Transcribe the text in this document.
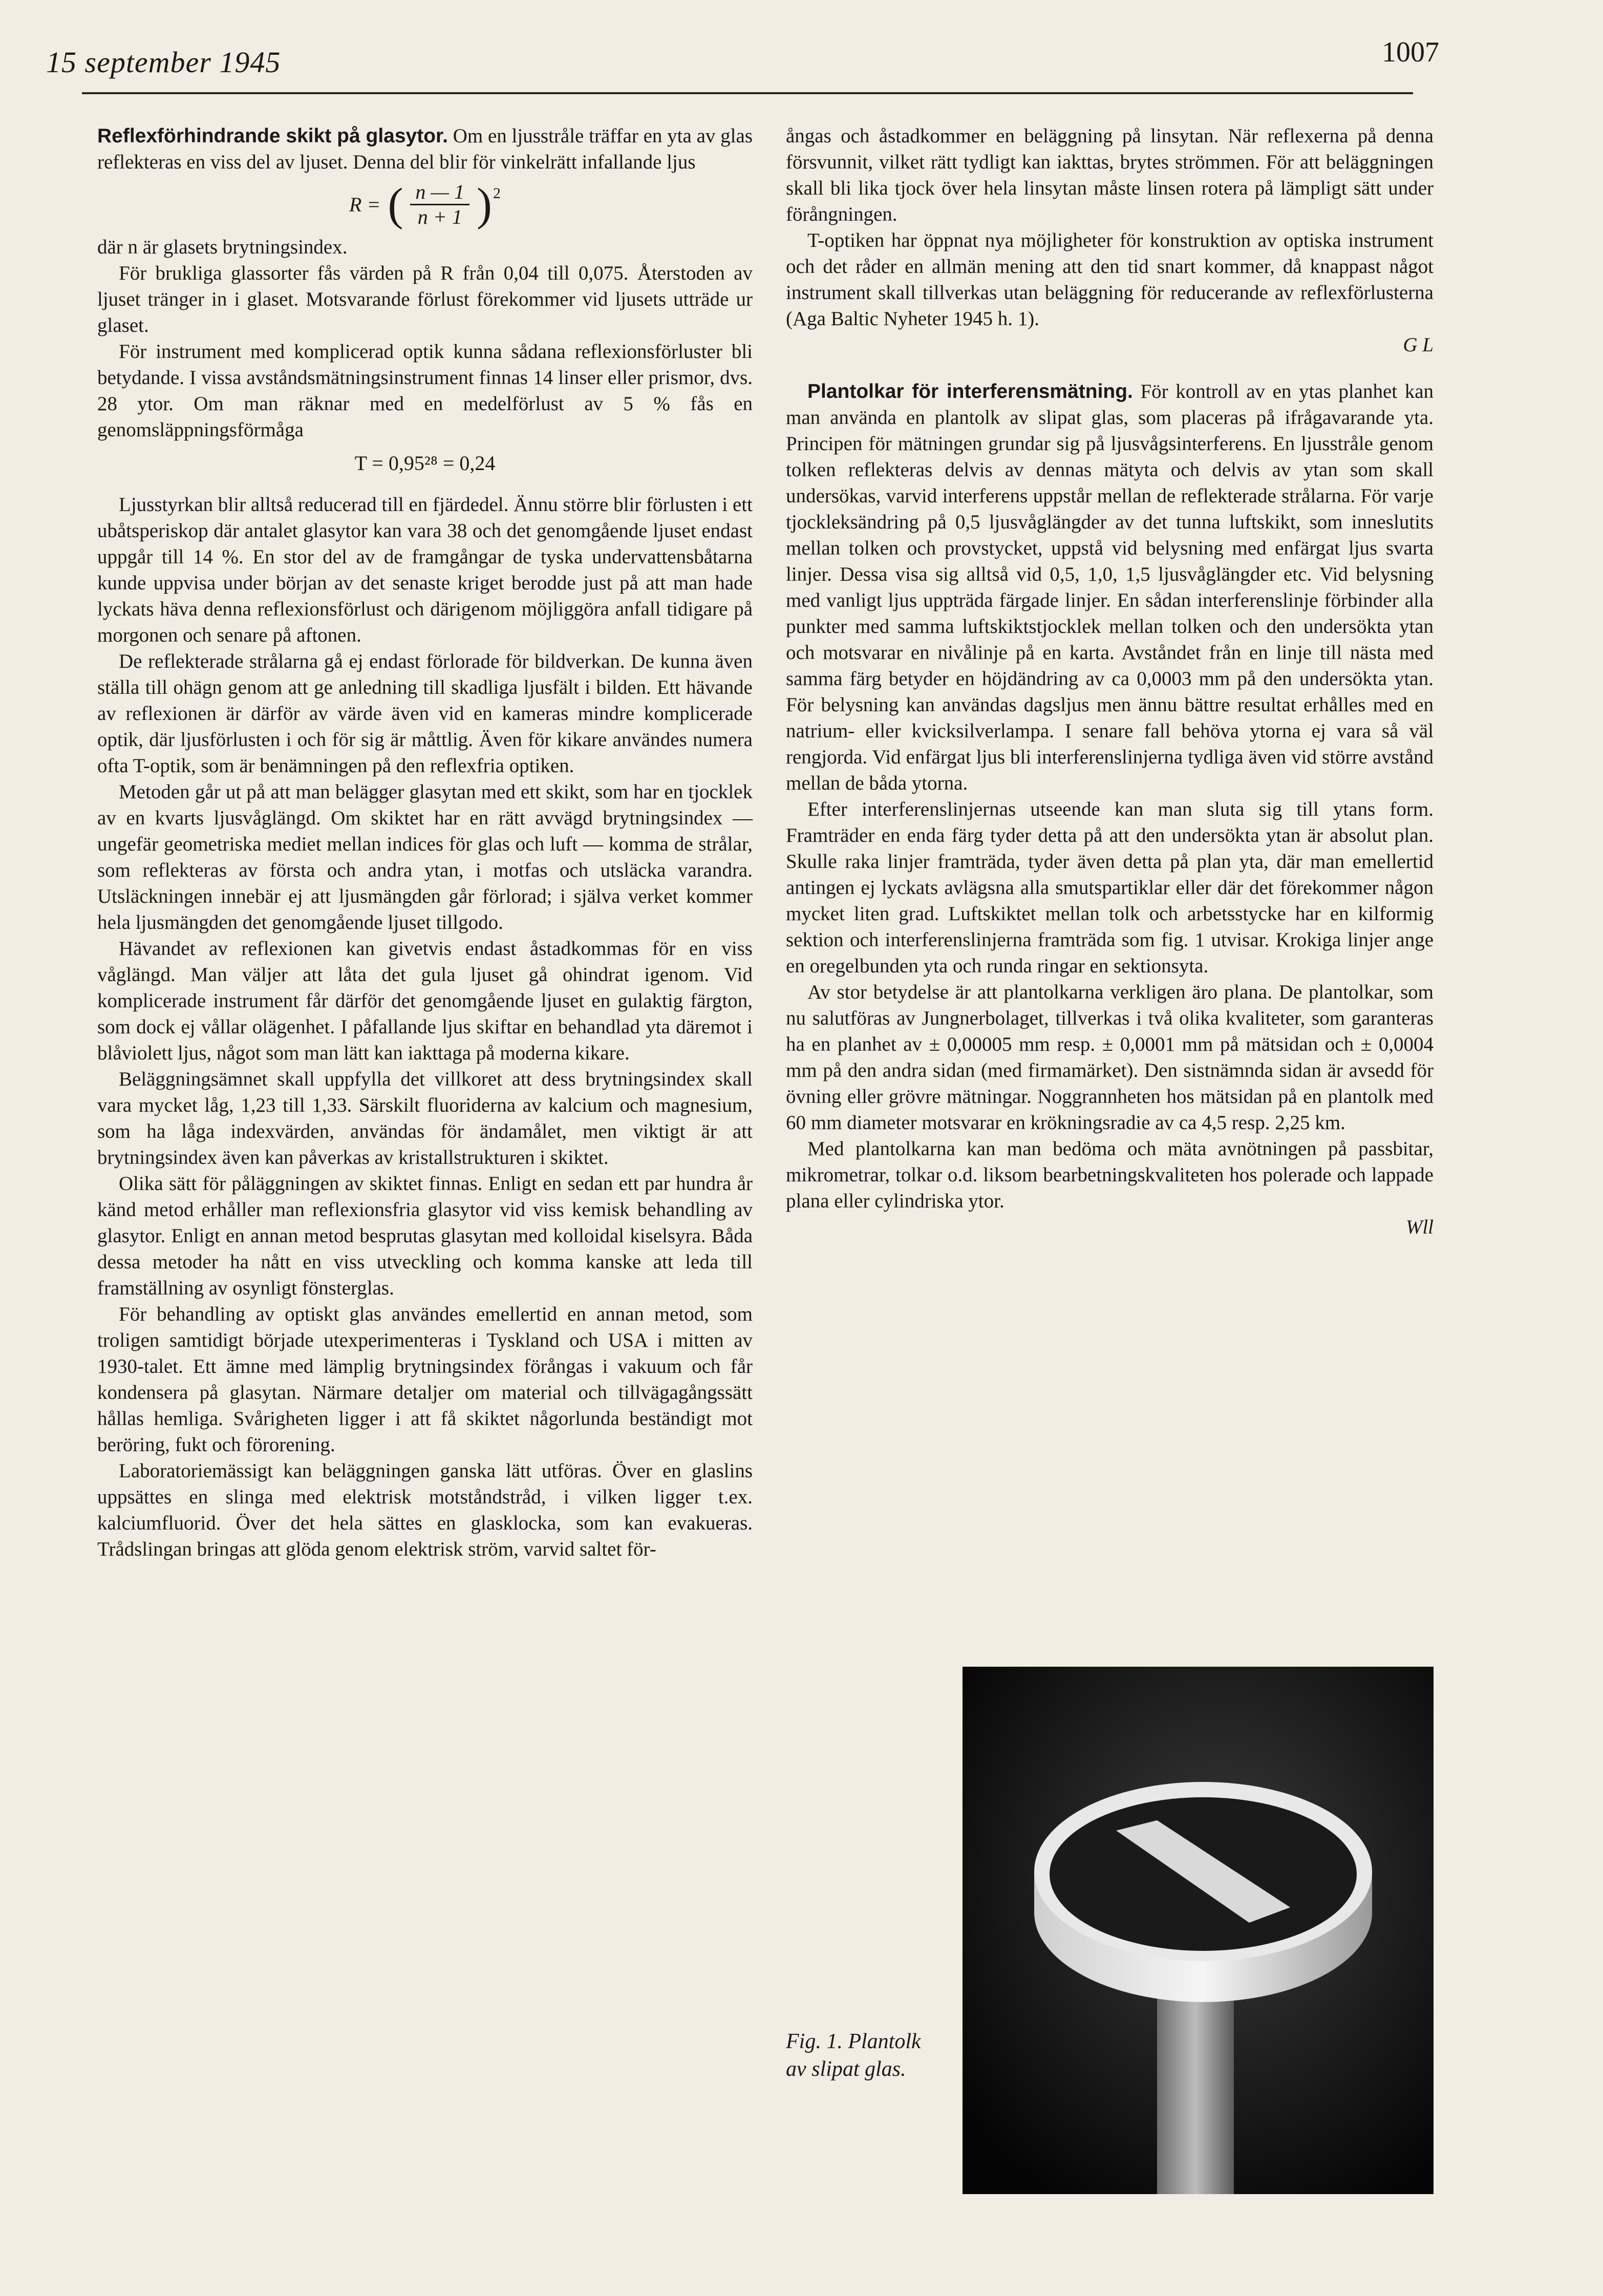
15 september 1945	1007

Reflexförhindrande skikt på glasytor. Om en ljusstråle träffar en yta av glas reflekteras en viss del av ljuset. Denna del blir för vinkelrätt infallande ljus

R = ( $\frac{n — 1}{n + 1} )^2$

där n är glasets brytningsindex.

För brukliga glassorter fås värden på R från 0,04 till 0,075. Återstoden av ljuset tränger in i glaset. Motsvarande förlust förekommer vid ljusets utträde ur glaset.

För instrument med komplicerad optik kunna sådana reflexionsförluster bli betydande. I vissa avståndsmätningsinstrument finnas 14 linser eller prismor, dvs. 28 ytor. Om man räknar med en medelförlust av 5 % fås en genomsläppningsförmåga

T = 0,95²⁸ = 0,24

Ljusstyrkan blir alltså reducerad till en fjärdedel. Ännu större blir förlusten i ett ubåtsperiskop där antalet glasytor kan vara 38 och det genomgående ljuset endast uppgår till 14 %. En stor del av de framgångar de tyska undervattensbåtarna kunde uppvisa under början av det senaste kriget berodde just på att man hade lyckats häva denna reflexionsförlust och därigenom möjliggöra anfall tidigare på morgonen och senare på aftonen.

De reflekterade strålarna gå ej endast förlorade för bildverkan. De kunna även ställa till ohägn genom att ge anledning till skadliga ljusfält i bilden. Ett hävande av reflexionen är därför av värde även vid en kameras mindre komplicerade optik, där ljusförlusten i och för sig är måttlig. Även för kikare användes numera ofta T-optik, som är benämningen på den reflexfria optiken.

Metoden går ut på att man belägger glasytan med ett skikt, som har en tjocklek av en kvarts ljusvåglängd. Om skiktet har en rätt avvägd brytningsindex — ungefär geometriska mediet mellan indices för glas och luft — komma de strålar, som reflekteras av första och andra ytan, i motfas och utsläcka varandra. Utsläckningen innebär ej att ljusmängden går förlorad; i själva verket kommer hela ljusmängden det genomgående ljuset tillgodo.

Hävandet av reflexionen kan givetvis endast åstadkommas för en viss våglängd. Man väljer att låta det gula ljuset gå ohindrat igenom. Vid komplicerade instrument får därför det genomgående ljuset en gulaktig färgton, som dock ej vållar olägenhet. I påfallande ljus skiftar en behandlad yta däremot i blåviolett ljus, något som man lätt kan iakttaga på moderna kikare.

Beläggningsämnet skall uppfylla det villkoret att dess brytningsindex skall vara mycket låg, 1,23 till 1,33. Särskilt fluoriderna av kalcium och magnesium, som ha låga indexvärden, användas för ändamålet, men viktigt är att brytningsindex även kan påverkas av kristallstrukturen i skiktet.

Olika sätt för påläggningen av skiktet finnas. Enligt en sedan ett par hundra år känd metod erhåller man reflexionsfria glasytor vid viss kemisk behandling av glasytor. Enligt en annan metod besprutas glasytan med kolloidal kiselsyra. Båda dessa metoder ha nått en viss utveckling och komma kanske att leda till framställning av osynligt fönsterglas.

För behandling av optiskt glas användes emellertid en annan metod, som troligen samtidigt började utexperimenteras i Tyskland och USA i mitten av 1930-talet. Ett ämne med lämplig brytningsindex förångas i vakuum och får kondensera på glasytan. Närmare detaljer om material och tillvägagångssätt hållas hemliga. Svårigheten ligger i att få skiktet någorlunda beständigt mot beröring, fukt och förorening.

Laboratoriemässigt kan beläggningen ganska lätt utföras. Över en glaslins uppsättes en slinga med elektrisk motståndstråd, i vilken ligger t.ex. kalciumfluorid. Över det hela sättes en glasklocka, som kan evakueras. Trådslingan bringas att glöda genom elektrisk ström, varvid saltet för-

ångas och åstadkommer en beläggning på linsytan. När reflexerna på denna försvunnit, vilket rätt tydligt kan iakttas, brytes strömmen. För att beläggningen skall bli lika tjock över hela linsytan måste linsen rotera på lämpligt sätt under förångningen.

T-optiken har öppnat nya möjligheter för konstruktion av optiska instrument och det råder en allmän mening att den tid snart kommer, då knappast något instrument skall tillverkas utan beläggning för reducerande av reflexförlusterna (Aga Baltic Nyheter 1945 h. 1).

G L

Plantolkar för interferensmätning. För kontroll av en ytas planhet kan man använda en plantolk av slipat glas, som placeras på ifrågavarande yta. Principen för mätningen grundar sig på ljusvågsinterferens. En ljusstråle genom tolken reflekteras delvis av dennas mätyta och delvis av ytan som skall undersökas, varvid interferens uppstår mellan de reflekterade strålarna. För varje tjockleksändring på 0,5 ljusvåglängder av det tunna luftskikt, som inneslutits mellan tolken och provstycket, uppstå vid belysning med enfärgat ljus svarta linjer. Dessa visa sig alltså vid 0,5, 1,0, 1,5 ljusvåglängder etc. Vid belysning med vanligt ljus uppträda färgade linjer. En sådan interferenslinje förbinder alla punkter med samma luftskiktstjocklek mellan tolken och den undersökta ytan och motsvarar en nivålinje på en karta. Avståndet från en linje till nästa med samma färg betyder en höjdändring av ca 0,0003 mm på den undersökta ytan. För belysning kan användas dagsljus men ännu bättre resultat erhålles med en natrium- eller kvicksilverlampa. I senare fall behöva ytorna ej vara så väl rengjorda. Vid enfärgat ljus bli interferenslinjerna tydliga även vid större avstånd mellan de båda ytorna.

Efter interferenslinjernas utseende kan man sluta sig till ytans form. Framträder en enda färg tyder detta på att den undersökta ytan är absolut plan. Skulle raka linjer framträda, tyder även detta på plan yta, där man emellertid antingen ej lyckats avlägsna alla smutspartiklar eller där det förekommer någon mycket liten grad. Luftskiktet mellan tolk och arbetsstycke har en kilformig sektion och interferenslinjerna framträda som fig. 1 utvisar. Krokiga linjer ange en oregelbunden yta och runda ringar en sektionsyta.

Av stor betydelse är att plantolkarna verkligen äro plana. De plantolkar, som nu salutföras av Jungnerbolaget, tillverkas i två olika kvaliteter, som garanteras ha en planhet av ± 0,00005 mm resp. ± 0,0001 mm på mätsidan och ± 0,0004 mm på den andra sidan (med firmamärket). Den sistnämnda sidan är avsedd för övning eller grövre mätningar. Noggrannheten hos mätsidan på en plantolk med 60 mm diameter motsvarar en krökningsradie av ca 4,5 resp. 2,25 km.

Med plantolkarna kan man bedöma och mäta avnötningen på passbitar, mikrometrar, tolkar o.d. liksom bearbetningskvaliteten hos polerade och lappade plana eller cylindriska ytor.

Wll
Fig. 1. Plantolk av slipat glas.
